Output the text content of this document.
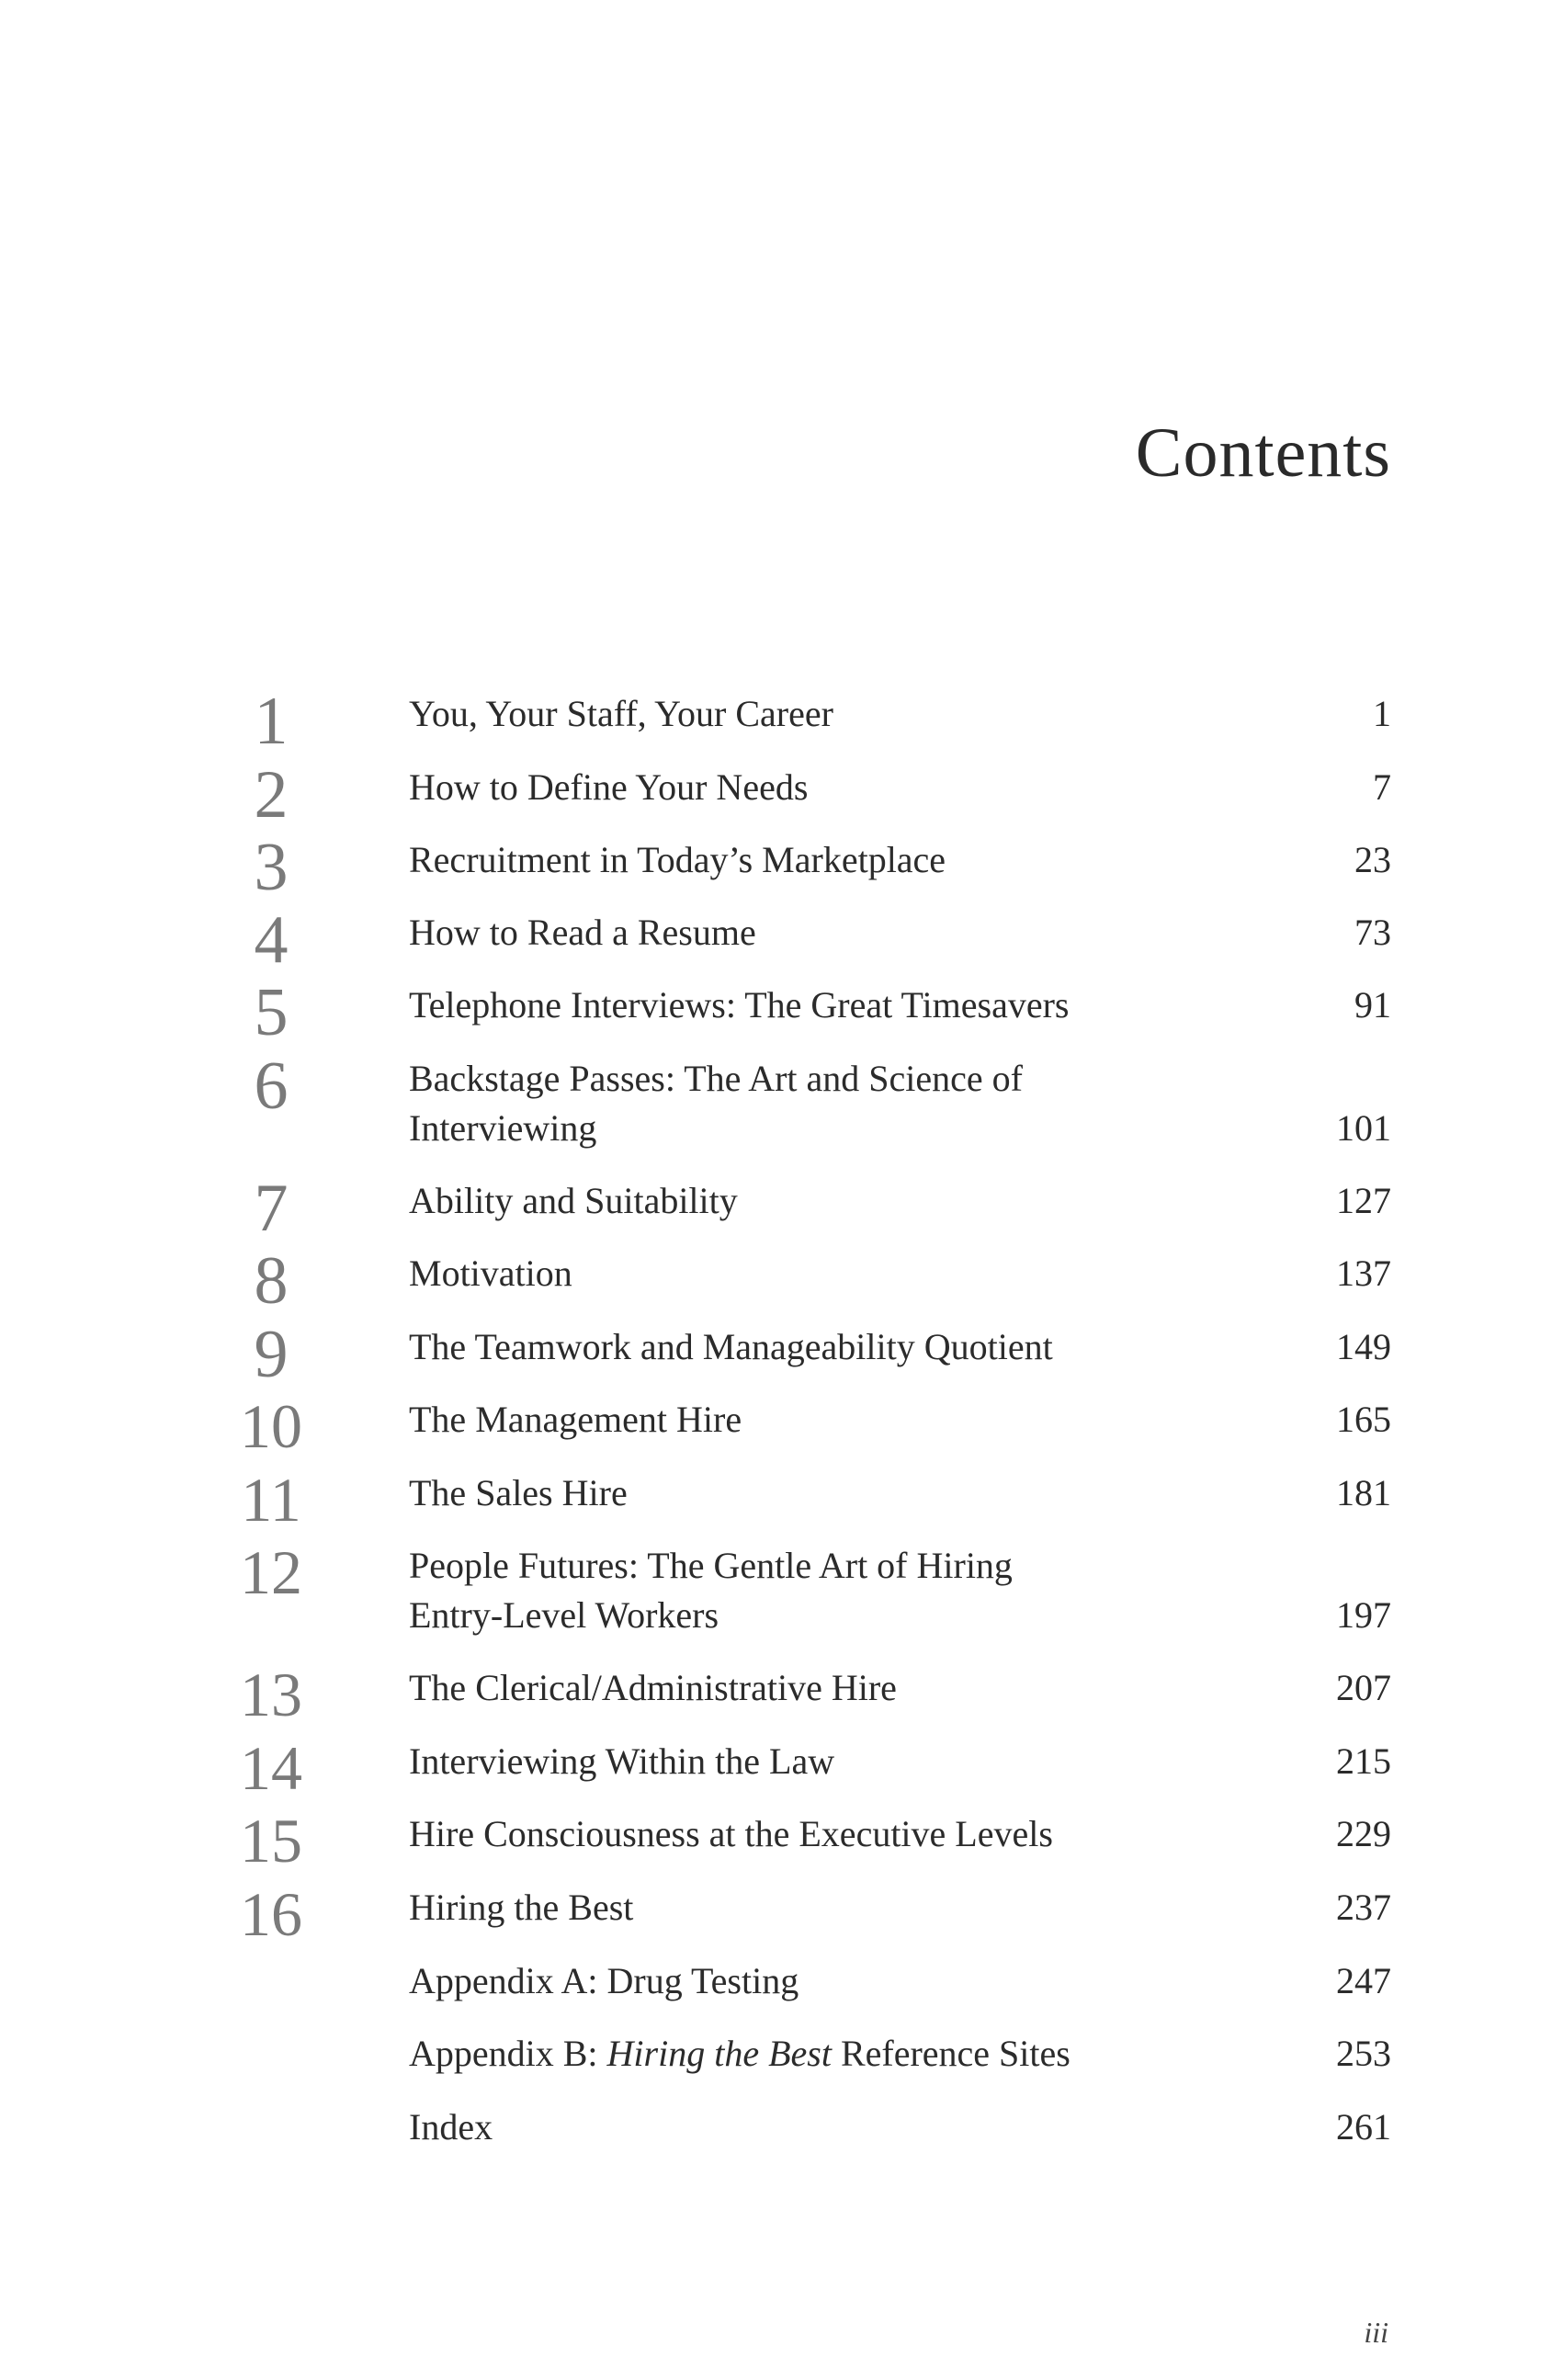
Contents
1	You, Your Staff, Your Career	1
2	How to Define Your Needs	7
3	Recruitment in Today’s Marketplace	23
4	How to Read a Resume	73
5	Telephone Interviews: The Great Timesavers	91
6	Backstage Passes: The Art and Science of
Interviewing	101
7	Ability and Suitability	127
8	Motivation	137
9	The Teamwork and Manageability Quotient	149
10	The Management Hire	165
11	The Sales Hire	181
12	People Futures: The Gentle Art of Hiring
Entry-Level Workers	197
13	The Clerical/Administrative Hire	207
14	Interviewing Within the Law	215
15	Hire Consciousness at the Executive Levels	229
16	Hiring the Best	237
Appendix A: Drug Testing	247
Appendix B: Hiring the Best Reference Sites	253
Index	261
iii
